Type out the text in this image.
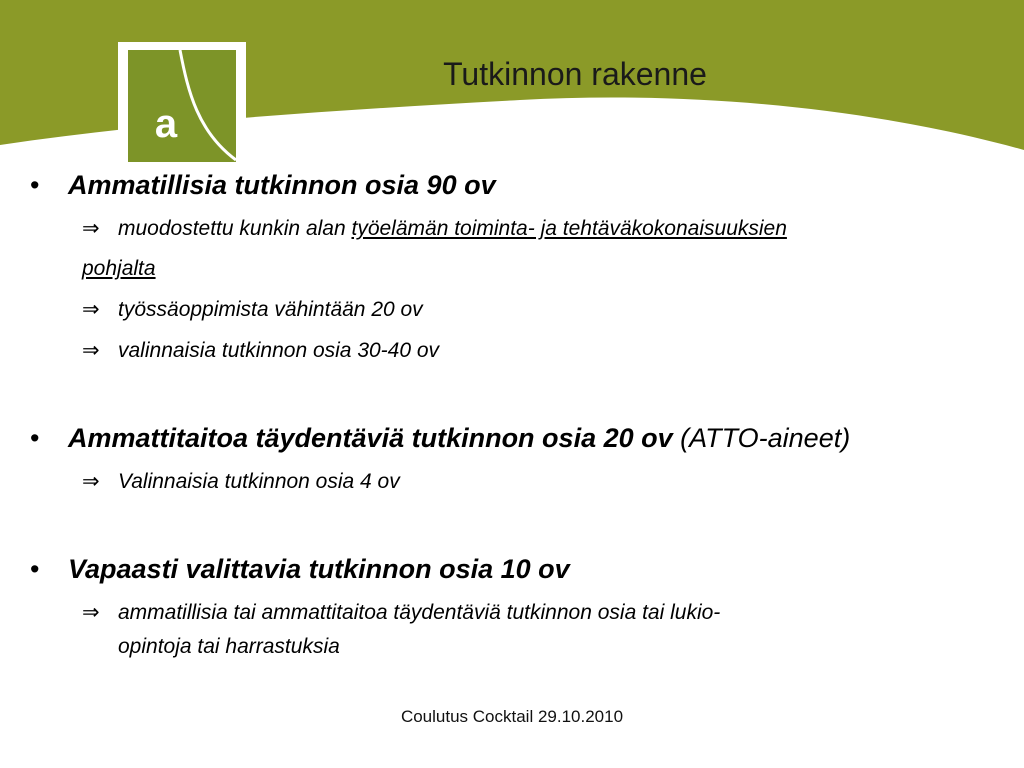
a
Tutkinnon rakenne
• Ammatillisia tutkinnon osia 90 ov
⇒ muodostettu kunkin alan työelämän toiminta- ja tehtäväkokonaisuuksien
pohjalta
⇒ työssäoppimista vähintään 20 ov
⇒ valinnaisia tutkinnon osia 30-40 ov
• Ammattitaitoa täydentäviä tutkinnon osia 20 ov (ATTO-aineet)
⇒ Valinnaisia tutkinnon osia 4 ov
• Vapaasti valittavia tutkinnon osia 10 ov
⇒ ammatillisia tai ammattitaitoa täydentäviä tutkinnon osia tai lukio-
opintoja tai harrastuksia
Coulutus Cocktail 29.10.2010
